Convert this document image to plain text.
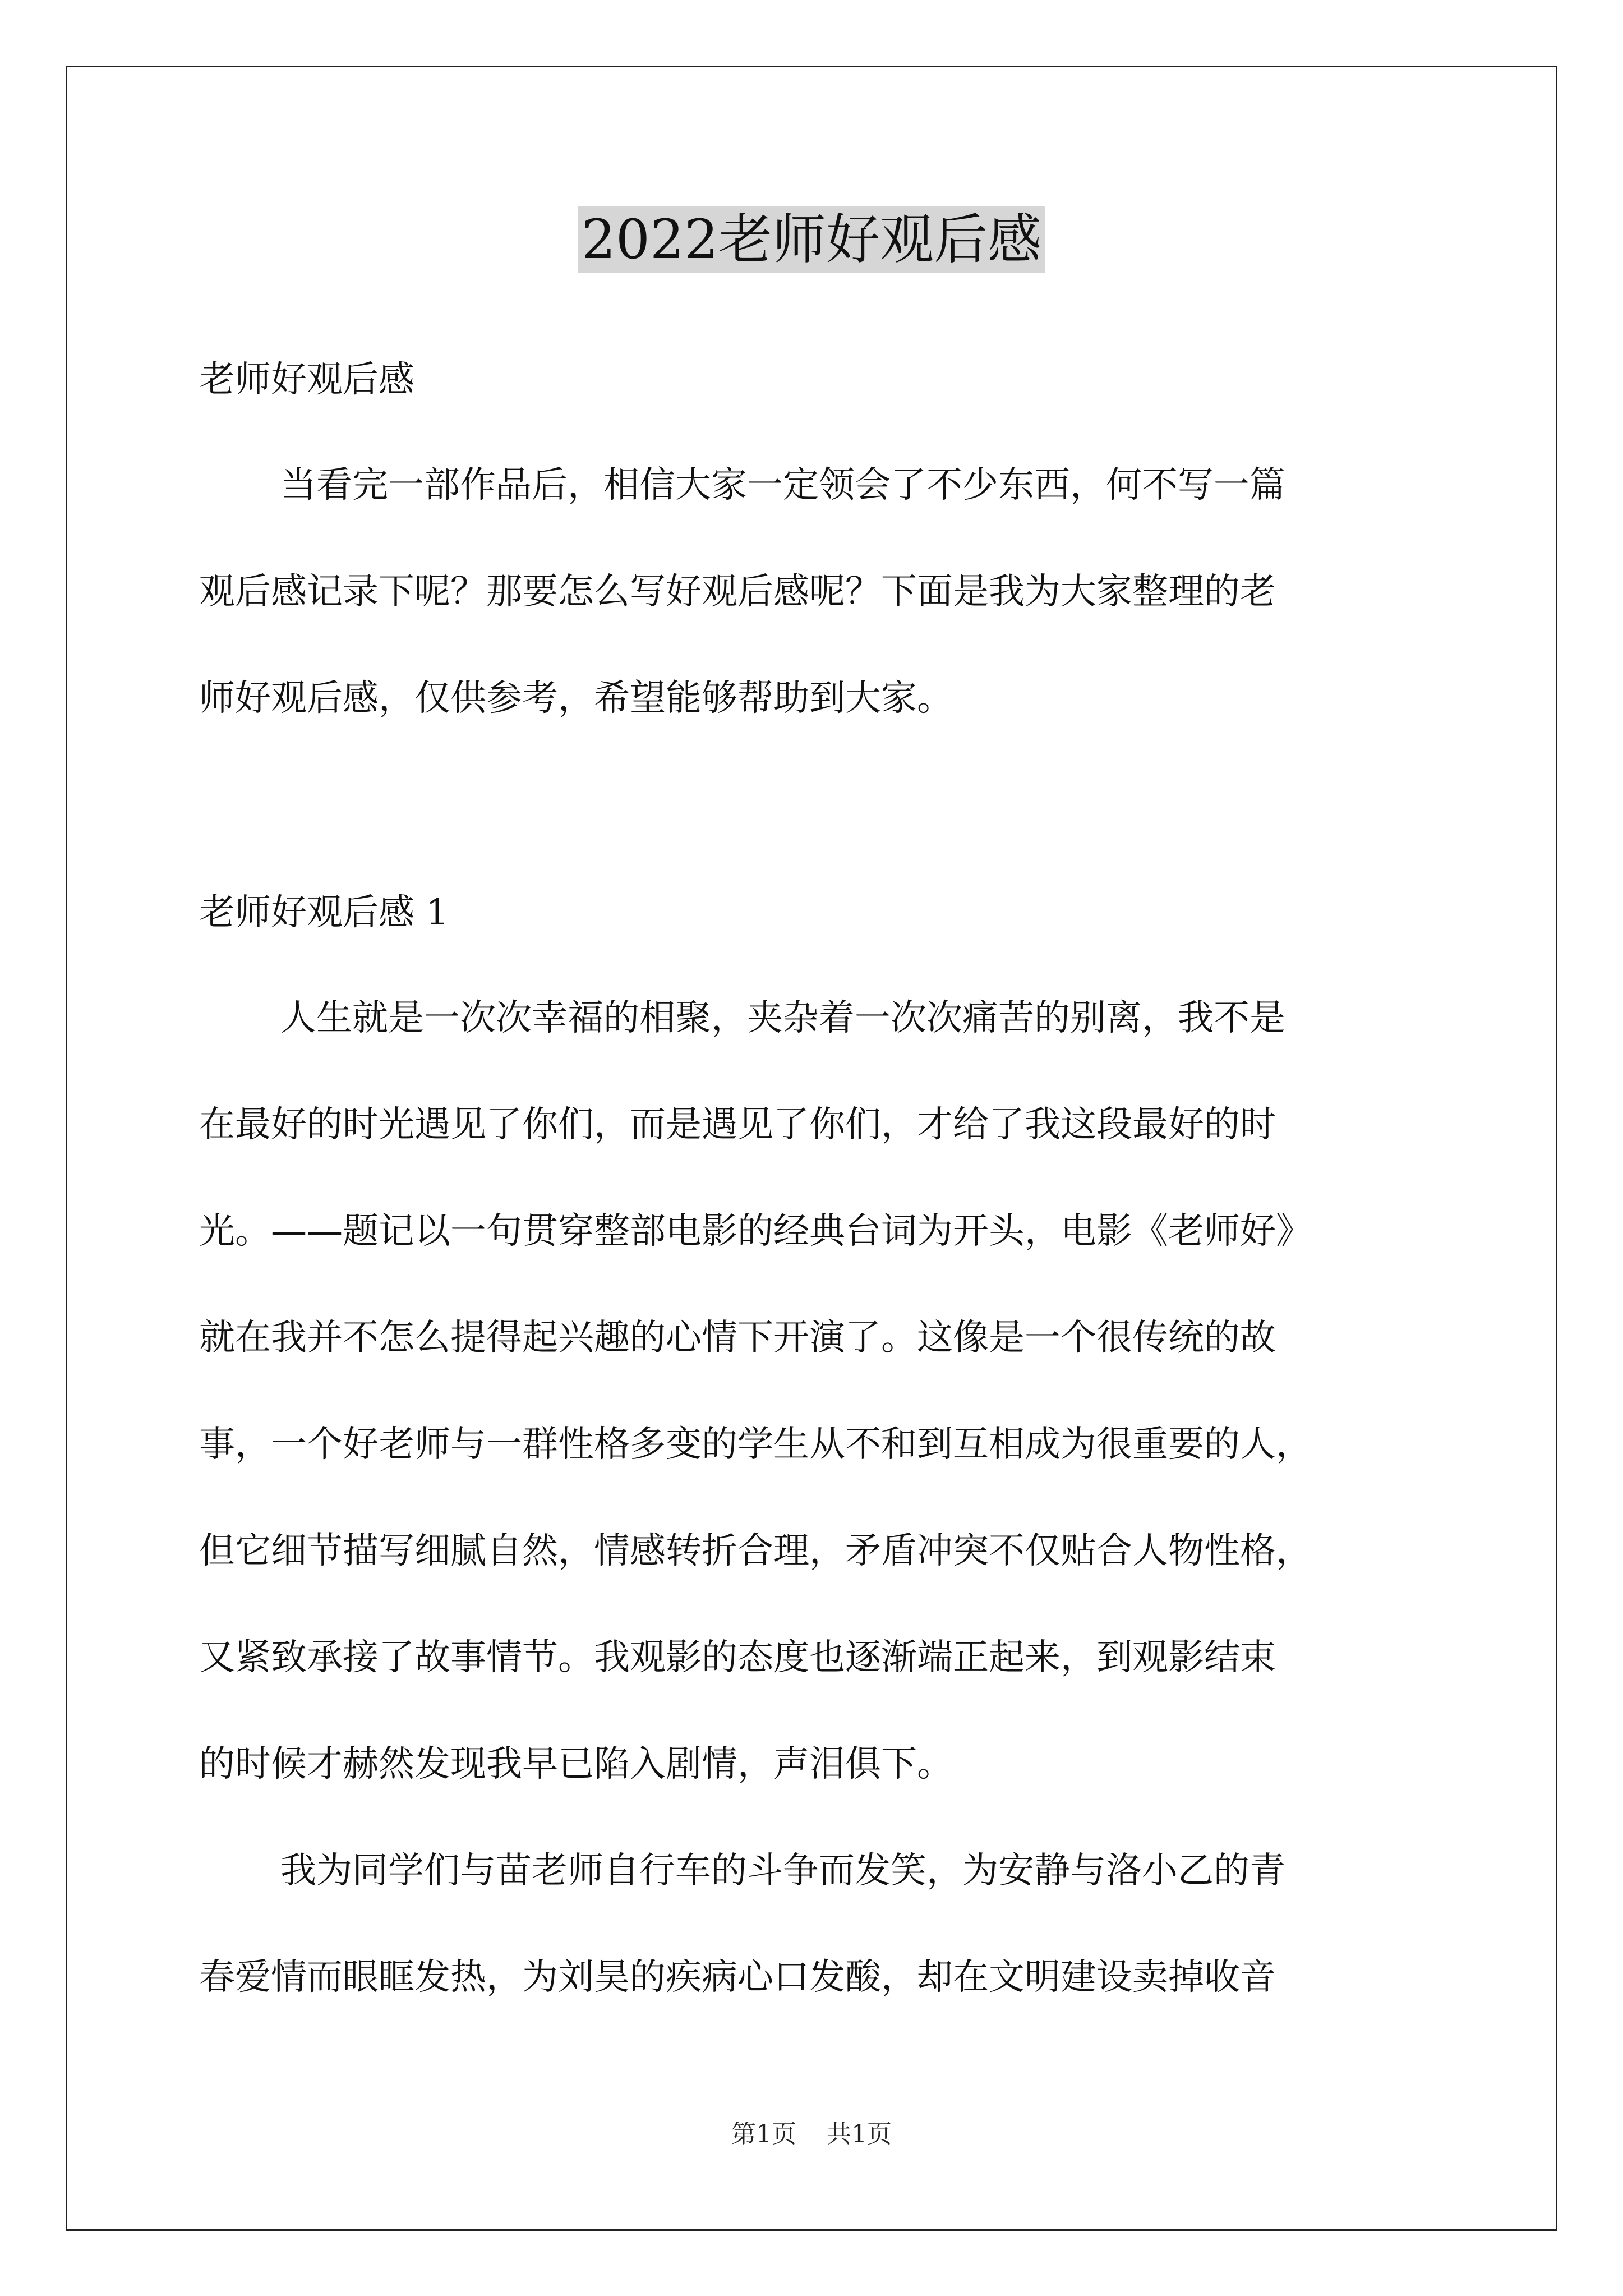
2022老师好观后感

老师好观后感

当看完一部作品后，相信大家一定领会了不少东西，何不写一篇

观后感记录下呢？那要怎么写好观后感呢？下面是我为大家整理的老

师好观后感，仅供参考，希望能够帮助到大家。

老师好观后感 1

人生就是一次次幸福的相聚，夹杂着一次次痛苦的别离，我不是

在最好的时光遇见了你们，而是遇见了你们，才给了我这段最好的时

光。——题记以一句贯穿整部电影的经典台词为开头，电影《老师好》

就在我并不怎么提得起兴趣的心情下开演了。这像是一个很传统的故

事，一个好老师与一群性格多变的学生从不和到互相成为很重要的人，

但它细节描写细腻自然，情感转折合理，矛盾冲突不仅贴合人物性格，

又紧致承接了故事情节。我观影的态度也逐渐端正起来，到观影结束

的时候才赫然发现我早已陷入剧情，声泪俱下。

我为同学们与苗老师自行车的斗争而发笑，为安静与洛小乙的青

春爱情而眼眶发热，为刘昊的疾病心口发酸，却在文明建设卖掉收音

第1页 共1页
